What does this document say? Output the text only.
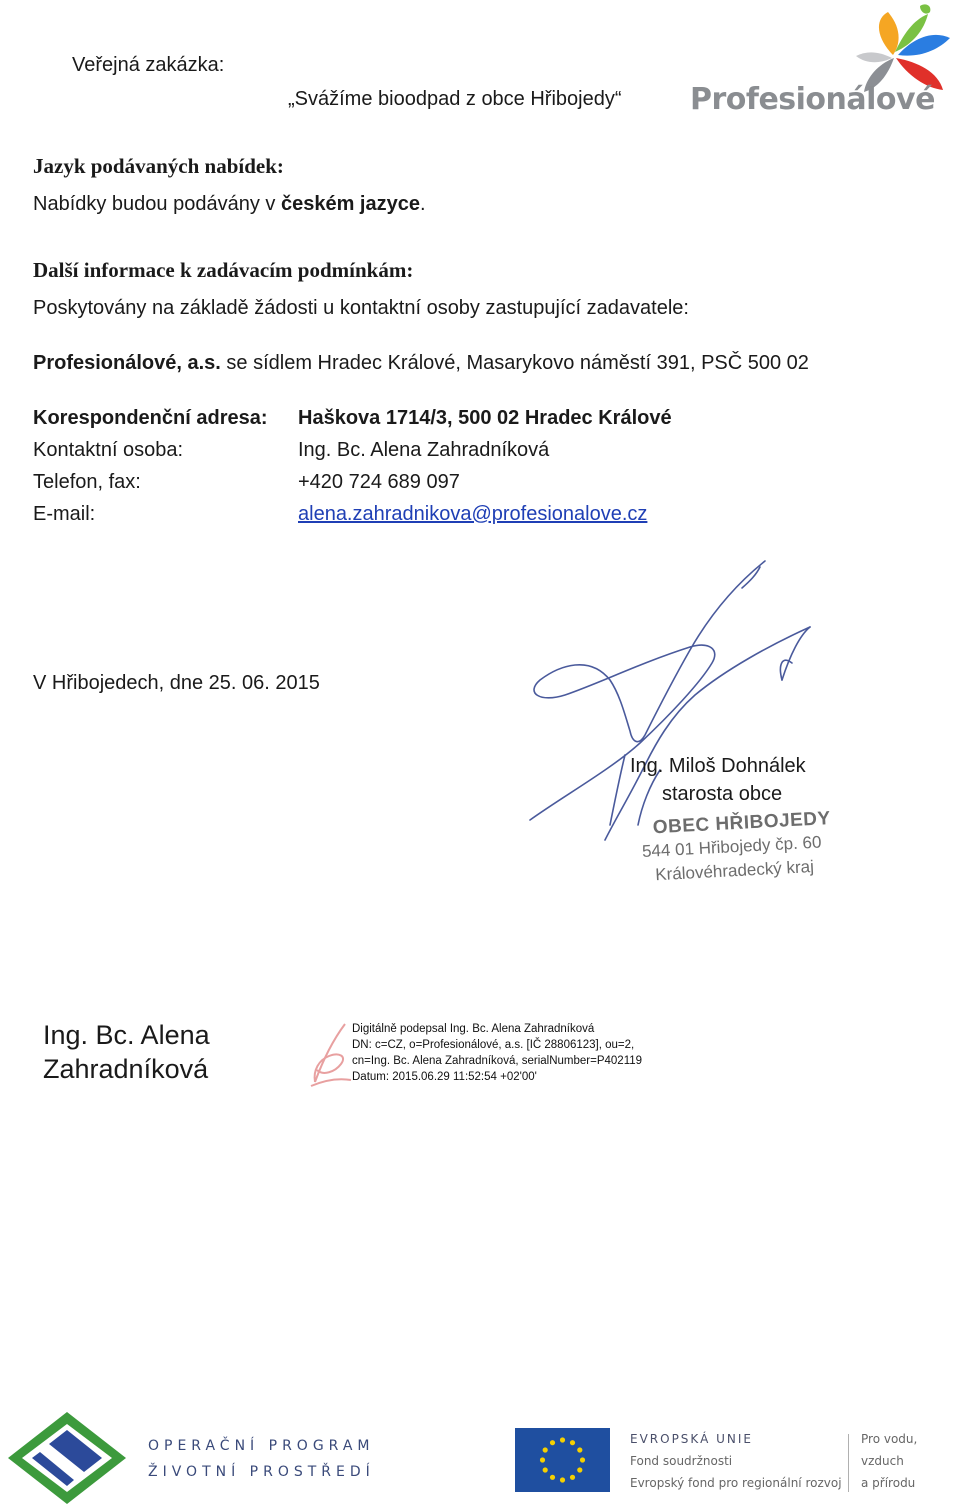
Veřejná zakázka:
„Svážíme bioodpad z obce Hřibojedy“ Profesionálové
Jazyk podávaných nabídek:
Nabídky budou podávány v českém jazyce.
Další informace k zadávacím podmínkám:
Poskytovány na základě žádosti u kontaktní osoby zastupující zadavatele:
Profesionálové, a.s. se sídlem Hradec Králové, Masarykovo náměstí 391, PSČ 500 02
Korespondenční adresa: Haškova 1714/3, 500 02 Hradec Králové
Kontaktní osoba:	Ing. Bc. Alena Zahradníková
Telefon, fax:	+420 724 689 097
E-mail:	alena.zahradnikova@profesionalove.cz
V Hřibojedech, dne 25. 06. 2015
Ing. Miloš Dohnálek
starosta obce
OBEC HŘIBOJEDY
544 01 Hřibojedy čp. 60
Královéhradecký kraj
Ing. Bc. Alena
Zahradníková
Digitálně podepsal Ing. Bc. Alena Zahradníková
DN: c=CZ, o=Profesionálové, a.s. [IČ 28806123], ou=2,
cn=Ing. Bc. Alena Zahradníková, serialNumber=P402119
Datum: 2015.06.29 11:52:54 +02'00'
OPERAČNÍ PROGRAM
ŽIVOTNÍ PROSTŘEDÍ
EVROPSKÁ UNIE
Fond soudržnosti
Evropský fond pro regionální rozvoj
Pro vodu,
vzduch
a přírodu
